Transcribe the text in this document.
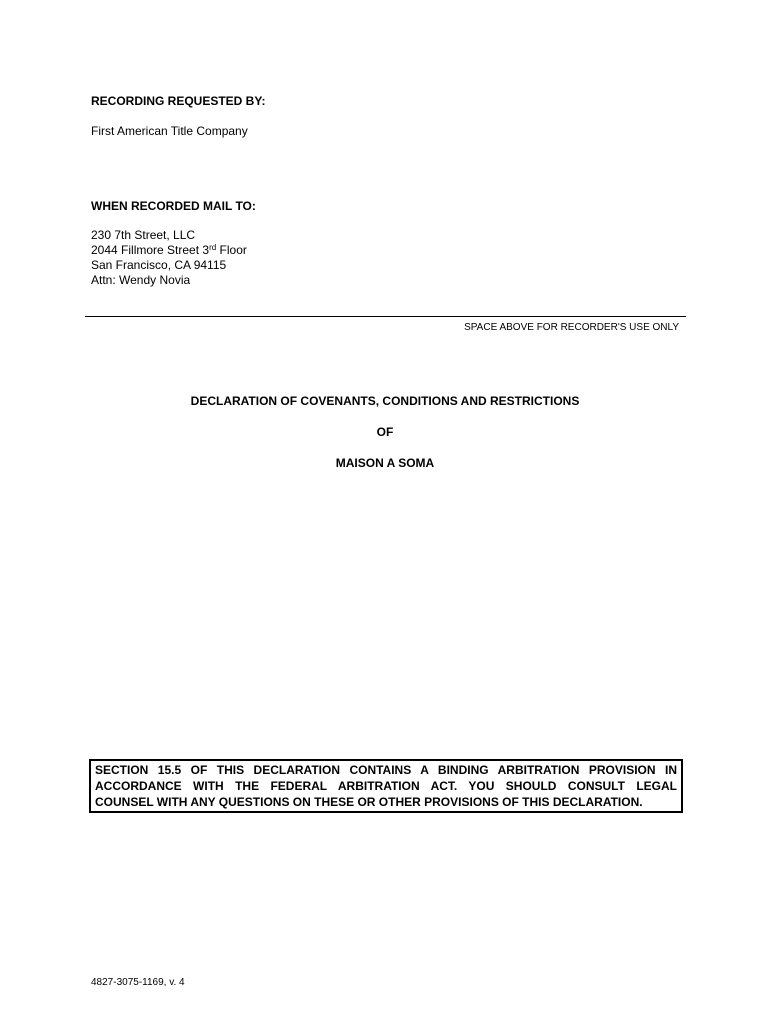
RECORDING REQUESTED BY:
First American Title Company
WHEN RECORDED MAIL TO:
230 7th Street, LLC
2044 Fillmore Street 3rd Floor
San Francisco, CA 94115
Attn: Wendy Novia
SPACE ABOVE FOR RECORDER'S USE ONLY
DECLARATION OF COVENANTS, CONDITIONS AND RESTRICTIONS
OF
MAISON A SOMA
SECTION 15.5 OF THIS DECLARATION CONTAINS A BINDING ARBITRATION PROVISION IN
ACCORDANCE WITH THE FEDERAL ARBITRATION ACT. YOU SHOULD CONSULT LEGAL
COUNSEL WITH ANY QUESTIONS ON THESE OR OTHER PROVISIONS OF THIS DECLARATION.
4827-3075-1169, v. 4
